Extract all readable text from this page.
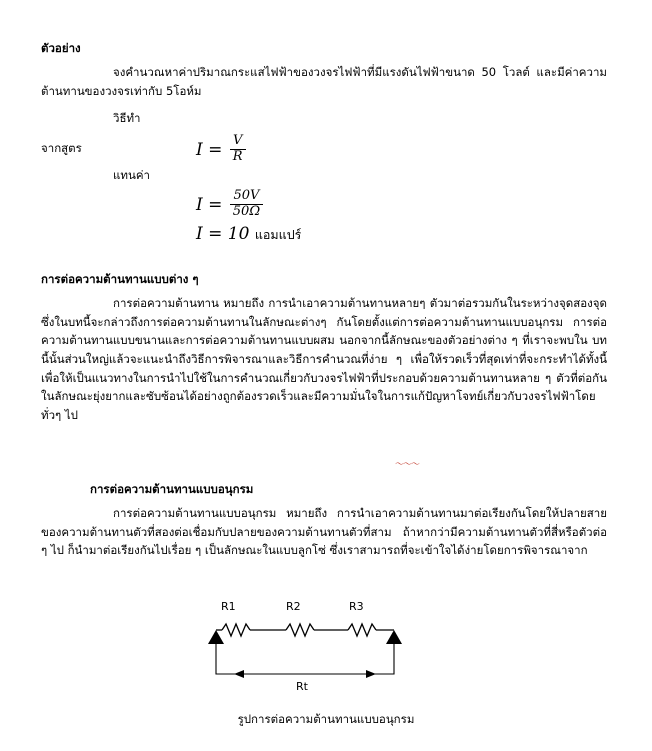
ตัวอย่าง
จงคำนวณหาค่าปริมาณกระแสไฟฟ้าของวงจรไฟฟ้าที่มีแรงดันไฟฟ้าขนาด 50 โวลต์ และมีค่าความต้านทานของวงจรเท่ากับ 5โอห์ม
วิธีทำ
จากสูตร	$I = \frac{V}{R}$
แทนค่า
$I = \frac{50V}{50\Omega}$
I = 10 แอมแปร์
การต่อความต้านทานแบบต่าง ๆ
การต่อความต้านทาน หมายถึง การนำเอาความต้านทานหลายๆ ตัวมาต่อรวมกันในระหว่างจุดสองจุดซึ่งในบทนี้จะกล่าวถึงการต่อความต้านทานในลักษณะต่างๆ กันโดยตั้งแต่การต่อความต้านทานแบบอนุกรม การต่อความต้านทานแบบขนานและการต่อความต้านทานแบบผสม นอกจากนี้ลักษณะของตัวอย่างต่าง ๆ ที่เราจะพบใน บทนี้นั้นส่วนใหญ่แล้วจะแนะนำถึงวิธีการพิจารณาและวิธีการคำนวณที่ง่าย ๆ เพื่อให้รวดเร็วที่สุดเท่าที่จะกระทำได้ทั้งนี้เพื่อให้เป็นแนวทางในการนำไปใช้ในการคำนวณเกี่ยวกับวงจรไฟฟ้าที่ประกอบด้วยความต้านทานหลาย ๆ ตัวที่ต่อกันในลักษณะยุ่งยากและซับซ้อนได้อย่างถูกต้องรวดเร็วและมีความมั่นใจในการแก้ปัญหาโจทย์เกี่ยวกับวงจรไฟฟ้าโดยทั่วๆ ไป
〜〜〜
การต่อความต้านทานแบบอนุกรม
การต่อความต้านทานแบบอนุกรม หมายถึง การนำเอาความต้านทานมาต่อเรียงกันโดยให้ปลายสายของความต้านทานตัวที่สองต่อเชื่อมกับปลายของความต้านทานตัวที่สาม ถ้าหากว่ามีความต้านทานตัวที่สี่หรือตัวต่อ ๆ ไป ก็นำมาต่อเรียงกันไปเรื่อย ๆ เป็นลักษณะในแบบลูกโซ่ ซึ่งเราสามารถที่จะเข้าใจได้ง่ายโดยการพิจารณาจาก
R1	R2	R3
Rt
รูปการต่อความต้านทานแบบอนุกรม
